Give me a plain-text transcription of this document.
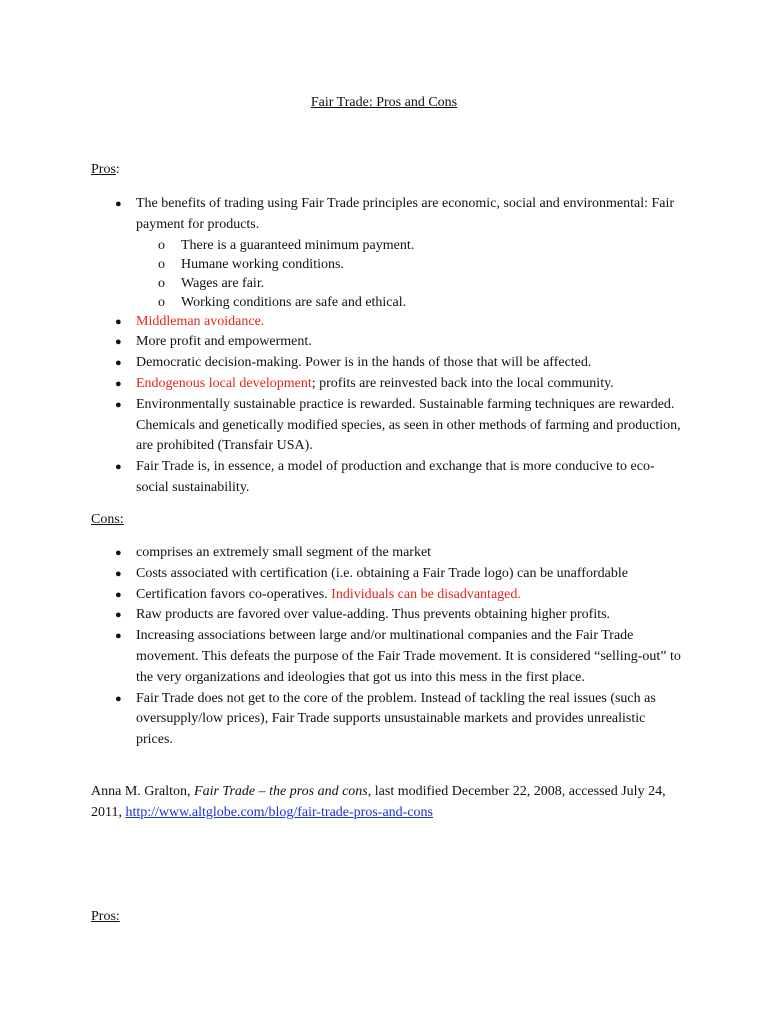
Fair Trade: Pros and Cons
Pros:
● The benefits of trading using Fair Trade principles are economic, social and environmental: Fair payment for products.
o There is a guaranteed minimum payment.
o Humane working conditions.
o Wages are fair.
o Working conditions are safe and ethical.
● Middleman avoidance.
● More profit and empowerment.
● Democratic decision-making. Power is in the hands of those that will be affected.
● Endogenous local development; profits are reinvested back into the local community.
● Environmentally sustainable practice is rewarded. Sustainable farming techniques are rewarded. Chemicals and genetically modified species, as seen in other methods of farming and production, are prohibited (Transfair USA).
● Fair Trade is, in essence, a model of production and exchange that is more conducive to eco-social sustainability.
Cons:
● comprises an extremely small segment of the market
● Costs associated with certification (i.e. obtaining a Fair Trade logo) can be unaffordable
● Certification favors co-operatives. Individuals can be disadvantaged.
● Raw products are favored over value-adding. Thus prevents obtaining higher profits.
● Increasing associations between large and/or multinational companies and the Fair Trade movement. This defeats the purpose of the Fair Trade movement. It is considered “selling-out” to the very organizations and ideologies that got us into this mess in the first place.
● Fair Trade does not get to the core of the problem. Instead of tackling the real issues (such as oversupply/low prices), Fair Trade supports unsustainable markets and provides unrealistic prices.
Anna M. Gralton, Fair Trade – the pros and cons, last modified December 22, 2008, accessed July 24, 2011, http://www.altglobe.com/blog/fair-trade-pros-and-cons
Pros:
